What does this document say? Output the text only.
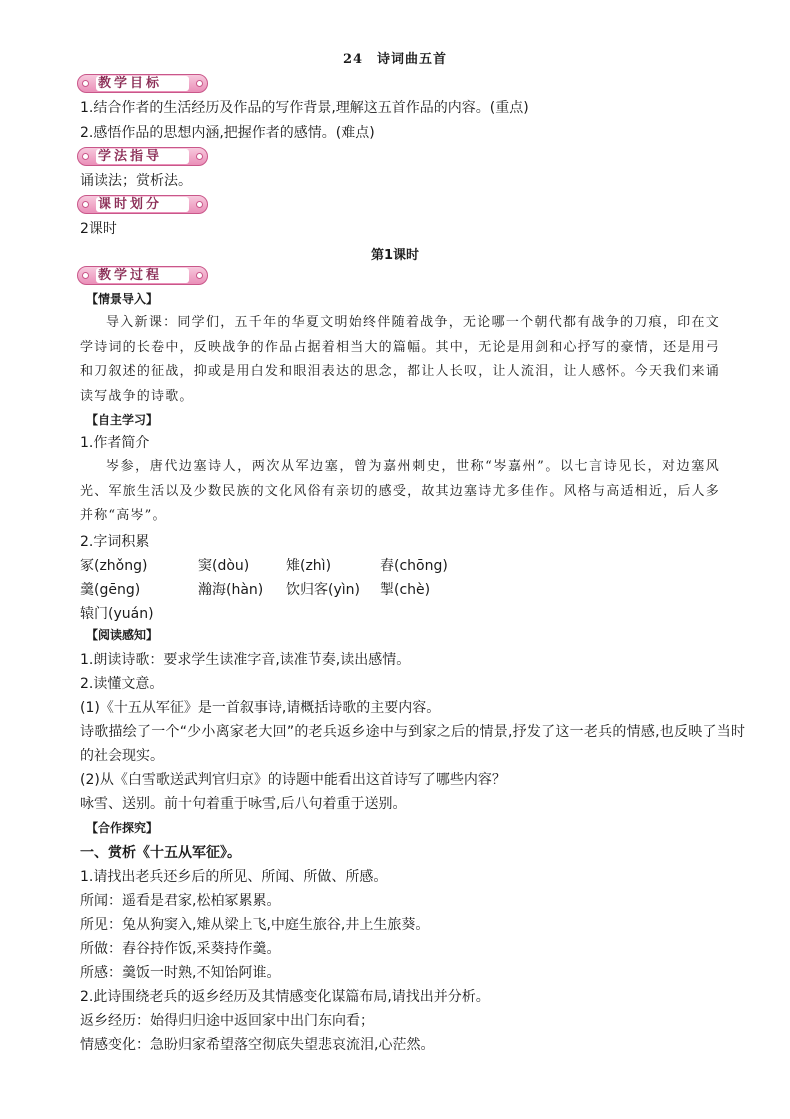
24 诗词曲五首
教学目标
1.结合作者的生活经历及作品的写作背景,理解这五首作品的内容。(重点)
2.感悟作品的思想内涵,把握作者的感情。(难点)
学法指导
诵读法；赏析法。
课时划分
2课时
第1课时
教学过程
【情景导入】
导入新课：同学们，五千年的华夏文明始终伴随着战争，无论哪一个朝代都有战争的刀痕，印在文学诗词的长卷中，反映战争的作品占据着相当大的篇幅。其中，无论是用剑和心抒写的豪情，还是用弓和刀叙述的征战，抑或是用白发和眼泪表达的思念，都让人长叹，让人流泪，让人感怀。今天我们来诵读写战争的诗歌。
【自主学习】
1.作者简介
岑参，唐代边塞诗人，两次从军边塞，曾为嘉州刺史，世称“岑嘉州”。以七言诗见长，对边塞风光、军旅生活以及少数民族的文化风俗有亲切的感受，故其边塞诗尤多佳作。风格与高适相近，后人多并称“高岑”。
2.字词积累
冢(zhǒng)	窦(dòu)	雉(zhì)	舂(chōng)
羹(gēng)	瀚海(hàn) 饮归客(yìn) 掣(chè)
辕门(yuán)
【阅读感知】
1.朗读诗歌：要求学生读准字音,读准节奏,读出感情。
2.读懂文意。
(1)《十五从军征》是一首叙事诗,请概括诗歌的主要内容。
诗歌描绘了一个“少小离家老大回”的老兵返乡途中与到家之后的情景,抒发了这一老兵的情感,也反映了当时的社会现实。
(2)从《白雪歌送武判官归京》的诗题中能看出这首诗写了哪些内容？
咏雪、送别。前十句着重于咏雪,后八句着重于送别。
【合作探究】
一、赏析《十五从军征》。
1.请找出老兵还乡后的所见、所闻、所做、所感。
所闻：遥看是君家,松柏冢累累。
所见：兔从狗窦入,雉从梁上飞,中庭生旅谷,井上生旅葵。
所做：舂谷持作饭,采葵持作羹。
所感：羹饭一时熟,不知饴阿谁。
2.此诗围绕老兵的返乡经历及其情感变化谋篇布局,请找出并分析。
返乡经历：始得归归途中返回家中出门东向看；
情感变化：急盼归家希望落空彻底失望悲哀流泪,心茫然。
